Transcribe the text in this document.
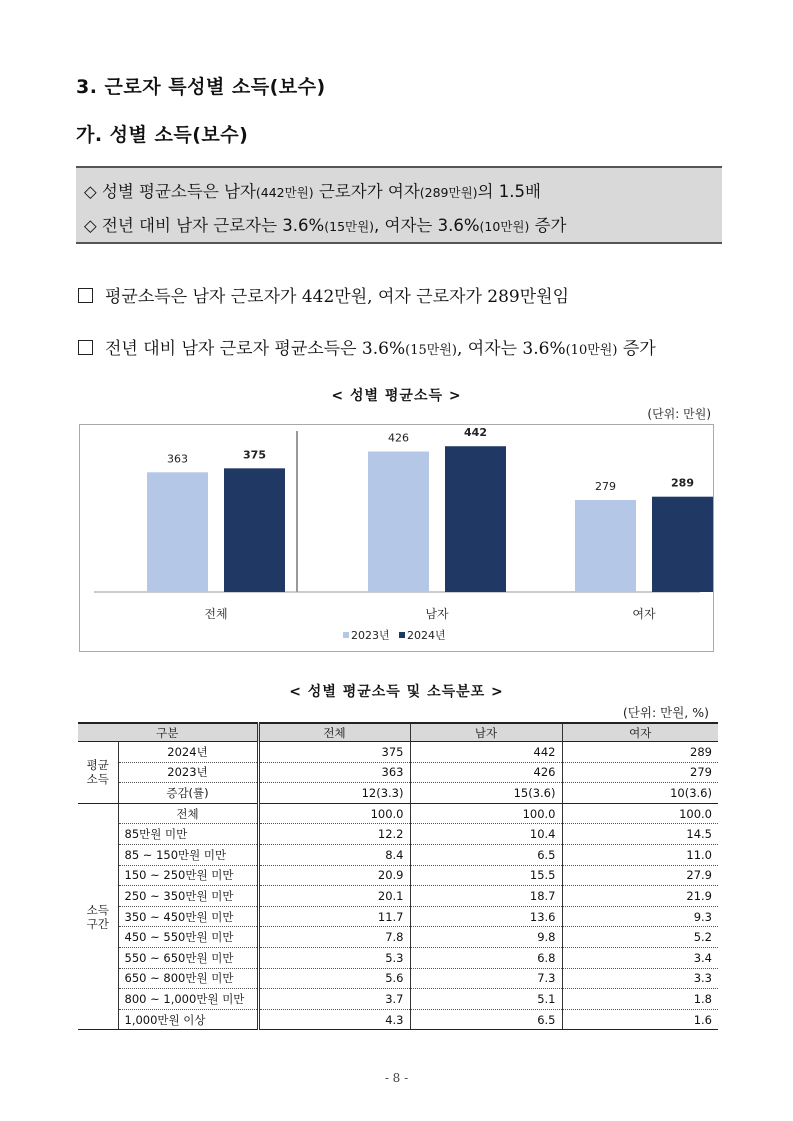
3. 근로자 특성별 소득(보수)
가. 성별 소득(보수)
◇ 성별 평균소득은 남자(442만원) 근로자가 여자(289만원)의 1.5배
◇ 전년 대비 남자 근로자는 3.6%(15만원), 여자는 3.6%(10만원) 증가
평균소득은 남자 근로자가 442만원, 여자 근로자가 289만원임
전년 대비 남자 근로자 평균소득은 3.6%(15만원), 여자는 3.6%(10만원) 증가
< 성별 평균소득 >
(단위: 만원)
363	375
전체
426	442
남자
279	289
여자
2023년 2024년
< 성별 평균소득 및 소득분포 >
(단위: 만원, %)
구분		전체	남자	여자
평균
소득	2024년	375	442	289
	2023년	363	426	279
	증감(률)	12(3.3)	15(3.6)	10(3.6)
소득
구간	전체	100.0	100.0	100.0
	85만원 미만	12.2	10.4	14.5
	85 ~ 150만원 미만	8.4	6.5	11.0
	150 ~ 250만원 미만	20.9	15.5	27.9
	250 ~ 350만원 미만	20.1	18.7	21.9
	350 ~ 450만원 미만	11.7	13.6	9.3
	450 ~ 550만원 미만	7.8	9.8	5.2
	550 ~ 650만원 미만	5.3	6.8	3.4
	650 ~ 800만원 미만	5.6	7.3	3.3
	800 ~ 1,000만원 미만	3.7	5.1	1.8
	1,000만원 이상	4.3	6.5	1.6
- 8 -
